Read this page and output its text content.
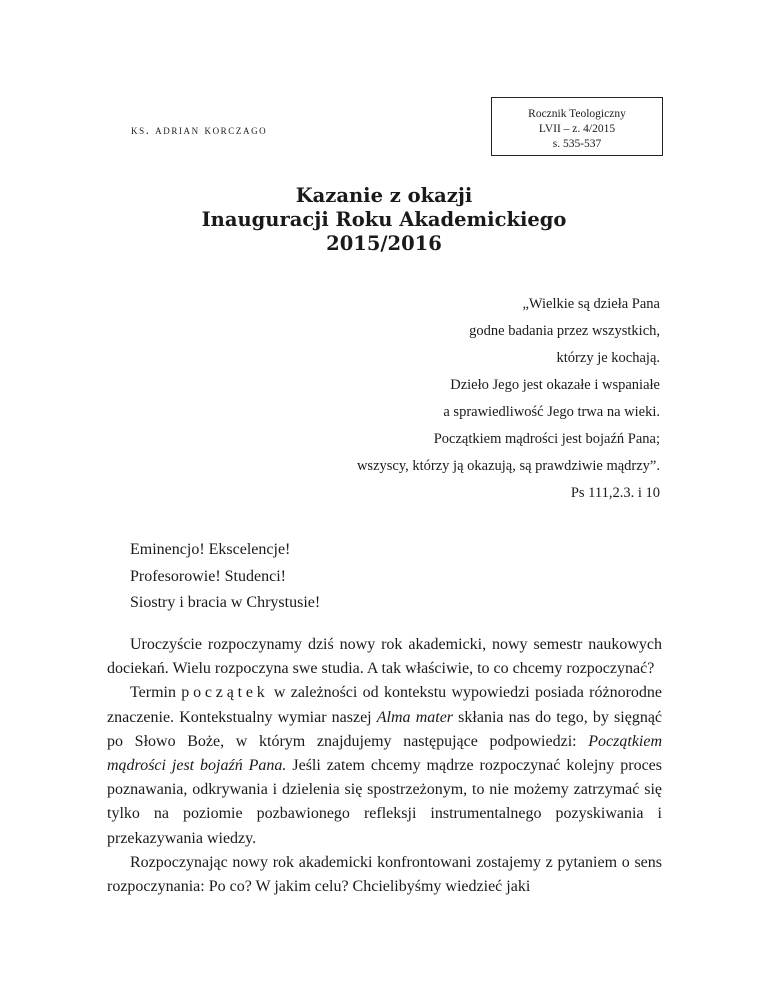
Rocznik Teologiczny
LVII – z. 4/2015
s. 535-537
ks. adrian korczago
Kazanie z okazji
Inauguracji Roku Akademickiego
2015/2016
„Wielkie są dzieła Pana
godne badania przez wszystkich,
którzy je kochają.
Dzieło Jego jest okazałe i wspaniałe
a sprawiedliwość Jego trwa na wieki.
Początkiem mądrości jest bojaźń Pana;
wszyscy, którzy ją okazują, są prawdziwie mądrzy”.
Ps 111,2.3. i 10
Eminencjo! Ekscelencje!
Profesorowie! Studenci!
Siostry i bracia w Chrystusie!

Uroczyście rozpoczynamy dziś nowy rok akademicki, nowy semestr naukowych dociekań. Wielu rozpoczyna swe studia. A tak właściwie, to co chcemy rozpoczynać?

Termin początek w zależności od kontekstu wypowiedzi posiada różnorodne znaczenie. Kontekstualny wymiar naszej Alma mater skłania nas do tego, by sięgnąć po Słowo Boże, w którym znajdujemy następujące podpowiedzi: Początkiem mądrości jest bojaźń Pana. Jeśli zatem chcemy mądrze rozpoczynać kolejny proces poznawania, odkrywania i dzielenia się spostrzeżonym, to nie możemy zatrzymać się tylko na poziomie pozbawionego refleksji instrumentalnego pozyskiwania i przekazywania wiedzy.

Rozpoczynając nowy rok akademicki konfrontowani zostajemy z pytaniem o sens rozpoczynania: Po co? W jakim celu? Chcielibyśmy wiedzieć jaki
